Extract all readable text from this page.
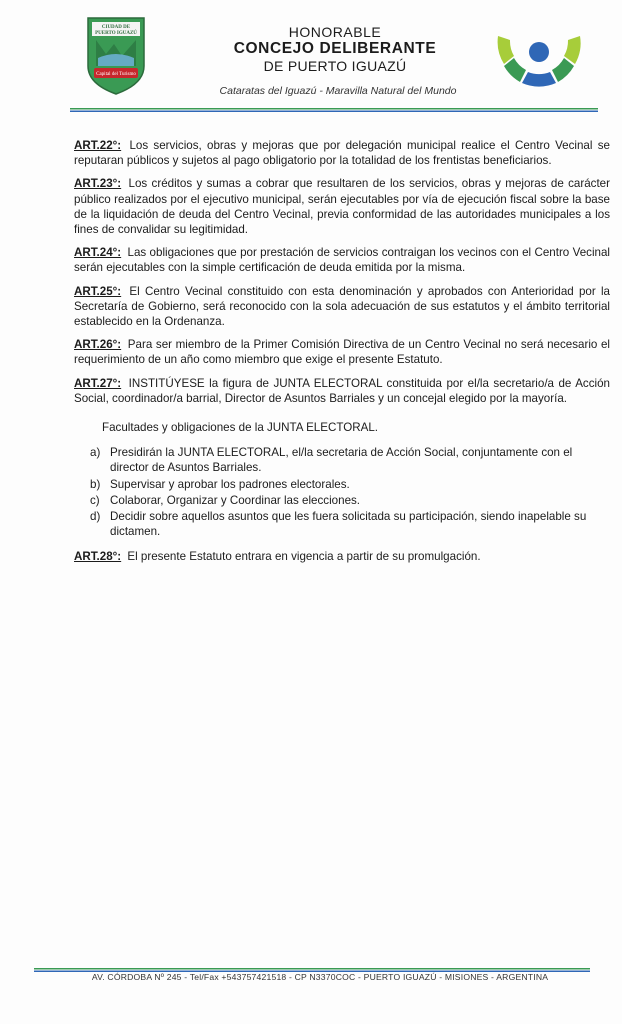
CIUDAD DE
PUERTO IGUAZÚ
Capital del Turismo
HONORABLE
CONCEJO DELIBERANTE
DE PUERTO IGUAZÚ
Cataratas del Iguazú - Maravilla Natural del Mundo

ART.22°: Los servicios, obras y mejoras que por delegación municipal realice el Centro Vecinal se reputaran públicos y sujetos al pago obligatorio por la totalidad de los frentistas beneficiarios.

ART.23°: Los créditos y sumas a cobrar que resultaren de los servicios, obras y mejoras de carácter público realizados por el ejecutivo municipal, serán ejecutables por vía de ejecución fiscal sobre la base de la liquidación de deuda del Centro Vecinal, previa conformidad de las autoridades municipales a los fines de convalidar su legitimidad.

ART.24°: Las obligaciones que por prestación de servicios contraigan los vecinos con el Centro Vecinal serán ejecutables con la simple certificación de deuda emitida por la misma.

ART.25°: El Centro Vecinal constituido con esta denominación y aprobados con Anterioridad por la Secretaría de Gobierno, será reconocido con la sola adecuación de sus estatutos y el ámbito territorial establecido en la Ordenanza.

ART.26°: Para ser miembro de la Primer Comisión Directiva de un Centro Vecinal no será necesario el requerimiento de un año como miembro que exige el presente Estatuto.

ART.27°: INSTITÚYESE la figura de JUNTA ELECTORAL constituida por el/la secretario/a de Acción Social, coordinador/a barrial, Director de Asuntos Barriales y un concejal elegido por la mayoría.

Facultades y obligaciones de la JUNTA ELECTORAL.
a) Presidirán la JUNTA ELECTORAL, el/la secretaria de Acción Social, conjuntamente con el director de Asuntos Barriales.
b) Supervisar y aprobar los padrones electorales.
c) Colaborar, Organizar y Coordinar las elecciones.
d) Decidir sobre aquellos asuntos que les fuera solicitada su participación, siendo inapelable su dictamen.

ART.28°: El presente Estatuto entrara en vigencia a partir de su promulgación.

AV. CÓRDOBA Nº 245 - Tel/Fax +543757421518 - CP N3370COC - PUERTO IGUAZÚ - MISIONES - ARGENTINA
